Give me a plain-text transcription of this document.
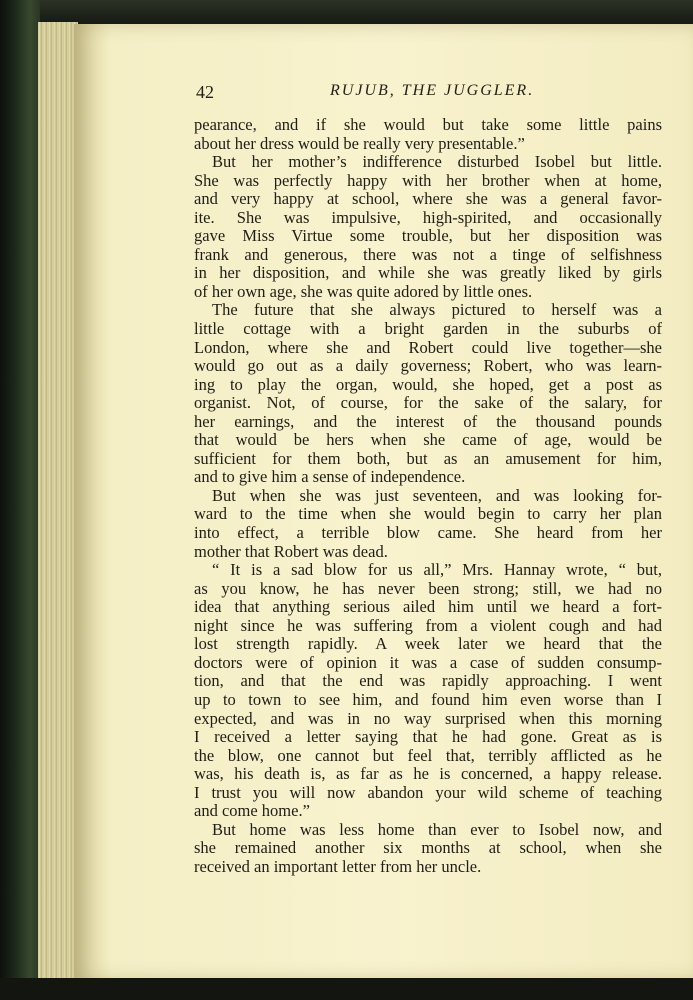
42	RUJUB, THE JUGGLER.
pearance, and if she would but take some little pains
about her dress would be really very presentable.”
But her mother’s indifference disturbed Isobel but little.
She was perfectly happy with her brother when at home,
and very happy at school, where she was a general favor-
ite. She was impulsive, high-spirited, and occasionally
gave Miss Virtue some trouble, but her disposition was
frank and generous, there was not a tinge of selfishness
in her disposition, and while she was greatly liked by girls
of her own age, she was quite adored by little ones.
The future that she always pictured to herself was a
little cottage with a bright garden in the suburbs of
London, where she and Robert could live together—she
would go out as a daily governess; Robert, who was learn-
ing to play the organ, would, she hoped, get a post as
organist. Not, of course, for the sake of the salary, for
her earnings, and the interest of the thousand pounds
that would be hers when she came of age, would be
sufficient for them both, but as an amusement for him,
and to give him a sense of independence.
But when she was just seventeen, and was looking for-
ward to the time when she would begin to carry her plan
into effect, a terrible blow came. She heard from her
mother that Robert was dead.
“ It is a sad blow for us all,” Mrs. Hannay wrote, “ but,
as you know, he has never been strong; still, we had no
idea that anything serious ailed him until we heard a fort-
night since he was suffering from a violent cough and had
lost strength rapidly. A week later we heard that the
doctors were of opinion it was a case of sudden consump-
tion, and that the end was rapidly approaching. I went
up to town to see him, and found him even worse than I
expected, and was in no way surprised when this morning
I received a letter saying that he had gone. Great as is
the blow, one cannot but feel that, terribly afflicted as he
was, his death is, as far as he is concerned, a happy release.
I trust you will now abandon your wild scheme of teaching
and come home.”
But home was less home than ever to Isobel now, and
she remained another six months at school, when she
received an important letter from her uncle.
